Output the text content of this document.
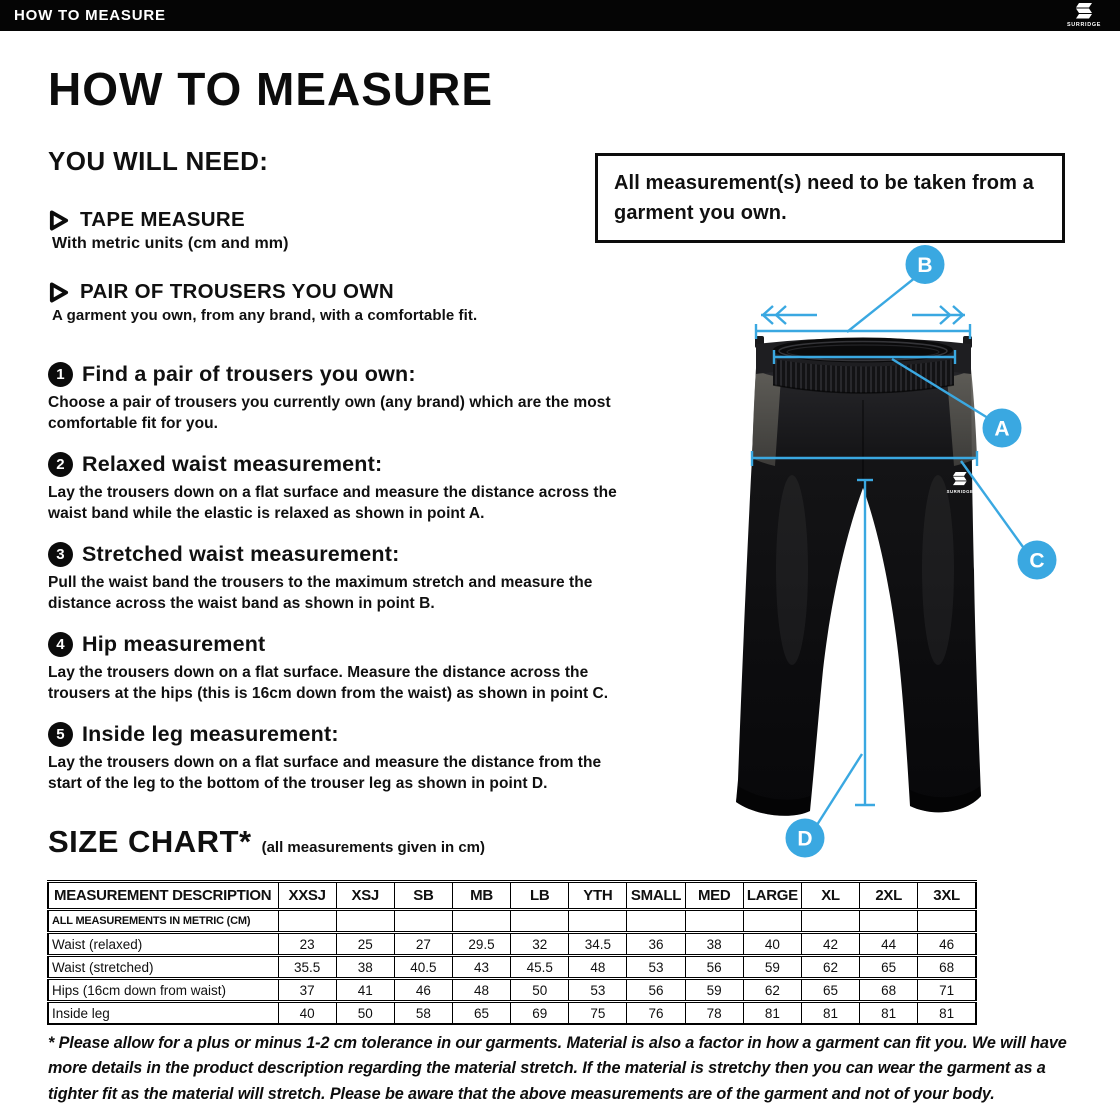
HOW TO MEASURE
SURRIDGE
HOW TO MEASURE
YOU WILL NEED:
TAPE MEASURE
With metric units (cm and mm)
PAIR OF TROUSERS YOU OWN
A garment you own, from any brand, with a comfortable fit.
All measurement(s) need to be taken from a garment you own.
1 Find a pair of trousers you own:
Choose a pair of trousers you currently own (any brand) which are the most comfortable fit for you.
2 Relaxed waist measurement:
Lay the trousers down on a flat surface and measure the distance across the waist band while the elastic is relaxed as shown in point A.
3 Stretched waist measurement:
Pull the waist band the trousers to the maximum stretch and measure the distance across the waist band as shown in point B.
4 Hip measurement
Lay the trousers down on a flat surface. Measure the distance across the trousers at the hips (this is 16cm down from the waist) as shown in point C.
5 Inside leg measurement:
Lay the trousers down on a flat surface and measure the distance from the start of the leg to the bottom of the trouser leg as shown in point D.
SURRIDGE
B
A
C
D
SIZE CHART* (all measurements given in cm)
MEASUREMENT DESCRIPTION	XXSJ	XSJ	SB	MB	LB	YTH	SMALL	MED	LARGE	XL	2XL	3XL
ALL MEASUREMENTS IN METRIC (CM)												
Waist (relaxed)	23	25	27	29.5	32	34.5	36	38	40	42	44	46
Waist (stretched)	35.5	38	40.5	43	45.5	48	53	56	59	62	65	68
Hips (16cm down from waist)	37	41	46	48	50	53	56	59	62	65	68	71
Inside leg	40	50	58	65	69	75	76	78	81	81	81	81
* Please allow for a plus or minus 1-2 cm tolerance in our garments. Material is also a factor in how a garment can fit you. We will have more details in the product description regarding the material stretch. If the material is stretchy then you can wear the garment as a tighter fit as the material will stretch. Please be aware that the above measurements are of the garment and not of your body.
